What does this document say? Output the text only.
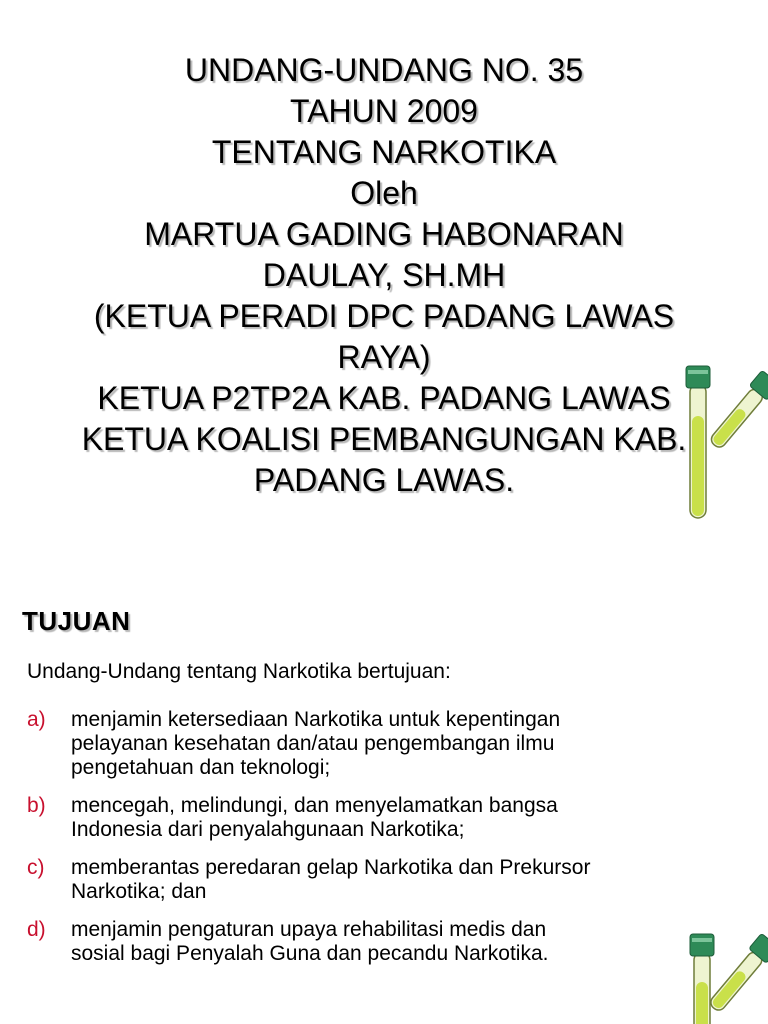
UNDANG-UNDANG NO. 35
TAHUN 2009
TENTANG NARKOTIKA
Oleh
MARTUA GADING HABONARAN
DAULAY, SH.MH
(KETUA PERADI DPC PADANG LAWAS
RAYA)
KETUA P2TP2A KAB. PADANG LAWAS
KETUA KOALISI PEMBANGUNGAN KAB.
PADANG LAWAS.
TUJUAN
Undang-Undang tentang Narkotika bertujuan:
a)	menjamin ketersediaan Narkotika untuk kepentingan
pelayanan kesehatan dan/atau pengembangan ilmu
pengetahuan dan teknologi;
b)	mencegah, melindungi, dan menyelamatkan bangsa
Indonesia dari penyalahgunaan Narkotika;
c)	memberantas peredaran gelap Narkotika dan Prekursor
Narkotika; dan
d)	menjamin pengaturan upaya rehabilitasi medis dan
sosial bagi Penyalah Guna dan pecandu Narkotika.
